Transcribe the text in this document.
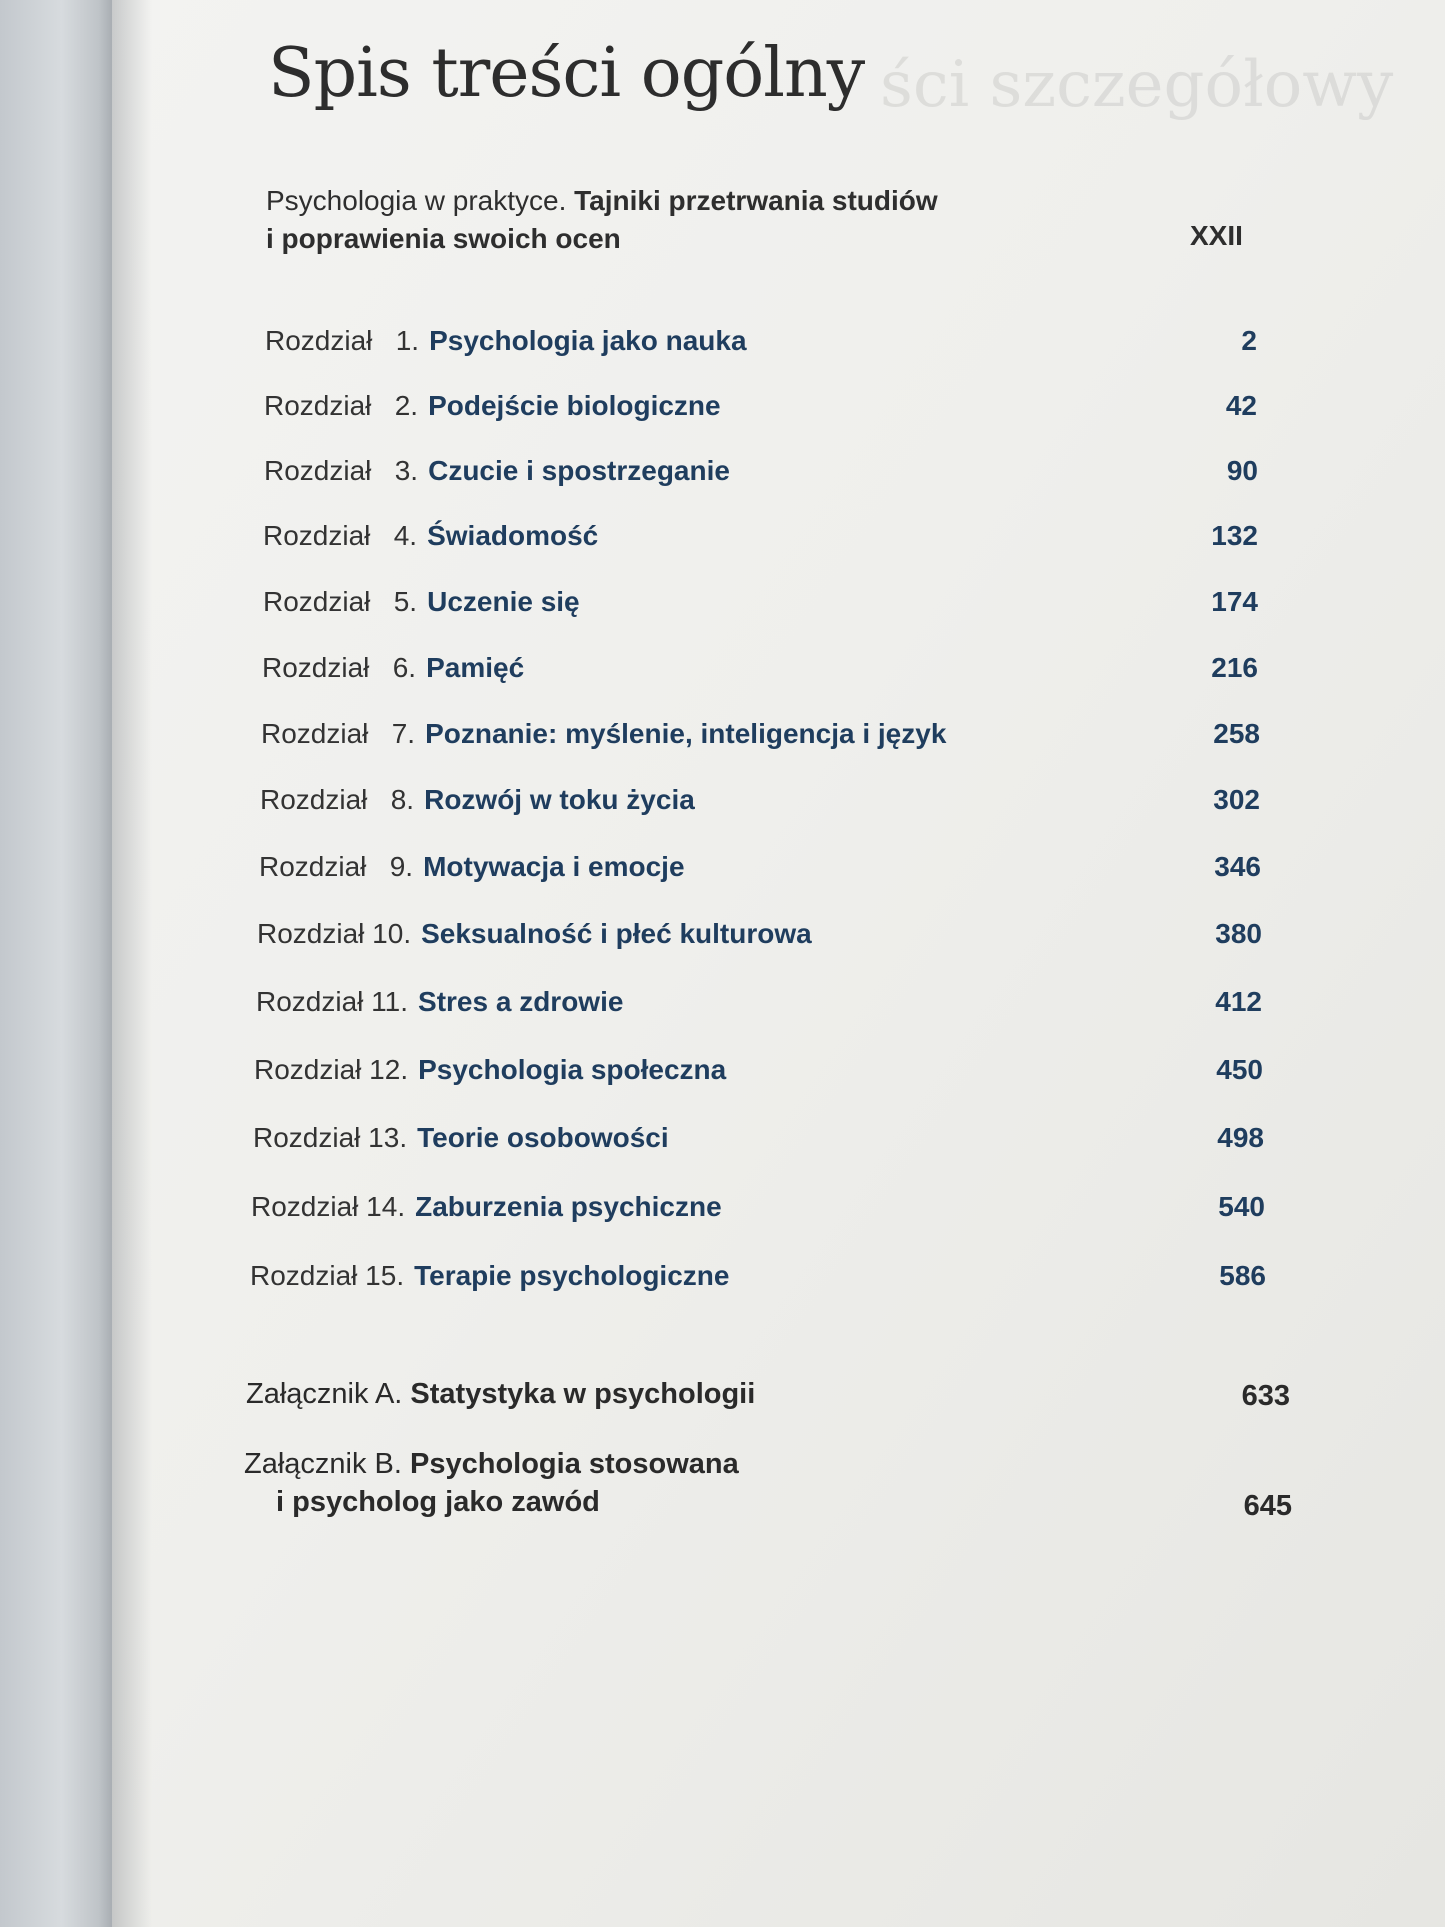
ści szczegółowy
Spis treści ogólny
Psychologia w praktyce. Tajniki przetrwania studiów
i poprawienia swoich ocen	XXII
Rozdział 1. Psychologia jako nauka	2
Rozdział 2. Podejście biologiczne	42
Rozdział 3. Czucie i spostrzeganie	90
Rozdział 4. Świadomość	132
Rozdział 5. Uczenie się	174
Rozdział 6. Pamięć	216
Rozdział 7. Poznanie: myślenie, inteligencja i język	258
Rozdział 8. Rozwój w toku życia	302
Rozdział 9. Motywacja i emocje	346
Rozdział 10. Seksualność i płeć kulturowa	380
Rozdział 11. Stres a zdrowie	412
Rozdział 12. Psychologia społeczna	450
Rozdział 13. Teorie osobowości	498
Rozdział 14. Zaburzenia psychiczne	540
Rozdział 15. Terapie psychologiczne	586
Załącznik A. Statystyka w psychologii	633
Załącznik B. Psychologia stosowana
i psycholog jako zawód	645
